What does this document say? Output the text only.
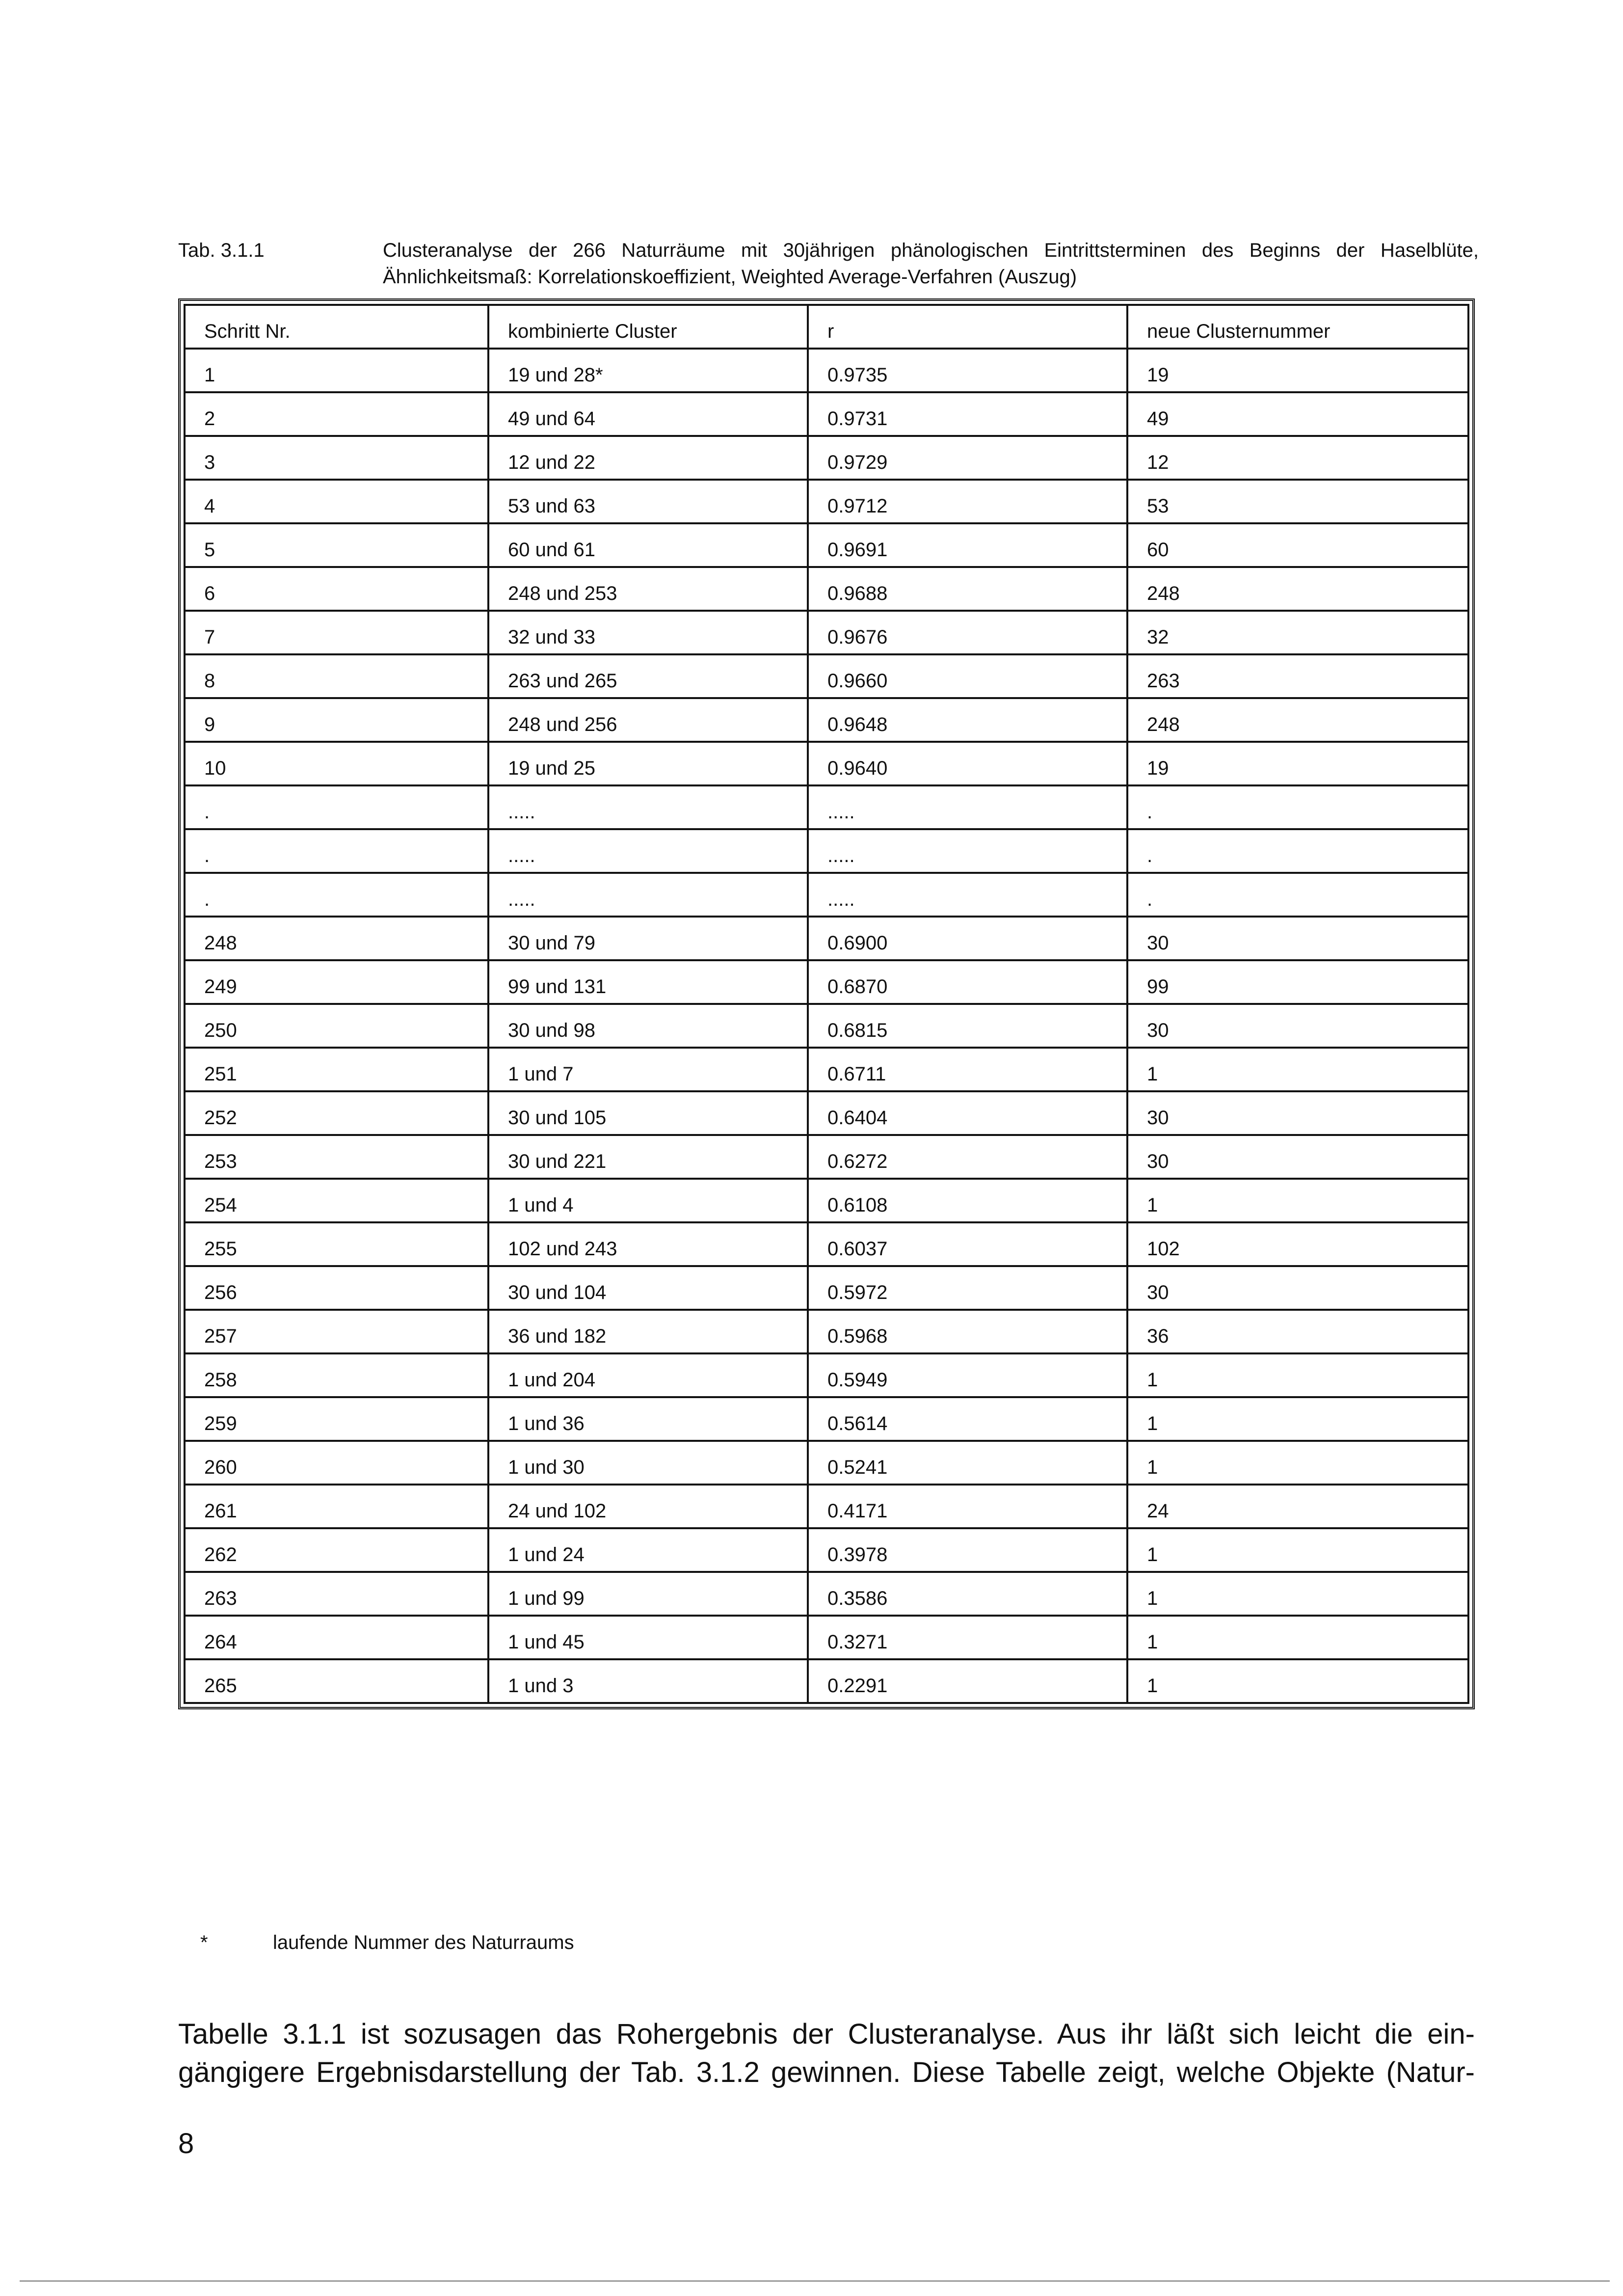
Tab. 3.1.1	Clusteranalyse der 266 Naturräume mit 30jährigen phänologischen Eintrittsterminen des Beginns der Haselblüte, Ähnlichkeitsmaß: Korrelationskoeffizient, Weighted Average-Verfahren (Auszug)
Schritt Nr.	kombinierte Cluster	r	neue Clusternummer
1	19 und 28*	0.9735	19
2	49 und 64	0.9731	49
3	12 und 22	0.9729	12
4	53 und 63	0.9712	53
5	60 und 61	0.9691	60
6	248 und 253	0.9688	248
7	32 und 33	0.9676	32
8	263 und 265	0.9660	263
9	248 und 256	0.9648	248
10	19 und 25	0.9640	19
.	.....	.....	.
.	.....	.....	.
.	.....	.....	.
248	30 und 79	0.6900	30
249	99 und 131	0.6870	99
250	30 und 98	0.6815	30
251	1 und 7	0.6711	1
252	30 und 105	0.6404	30
253	30 und 221	0.6272	30
254	1 und 4	0.6108	1
255	102 und 243	0.6037	102
256	30 und 104	0.5972	30
257	36 und 182	0.5968	36
258	1 und 204	0.5949	1
259	1 und 36	0.5614	1
260	1 und 30	0.5241	1
261	24 und 102	0.4171	24
262	1 und 24	0.3978	1
263	1 und 99	0.3586	1
264	1 und 45	0.3271	1
265	1 und 3	0.2291	1
*	laufende Nummer des Naturraums
Tabelle 3.1.1 ist sozusagen das Rohergebnis der Clusteranalyse. Aus ihr läßt sich leicht die ein-
gängigere Ergebnisdarstellung der Tab. 3.1.2 gewinnen. Diese Tabelle zeigt, welche Objekte (Natur-
8
